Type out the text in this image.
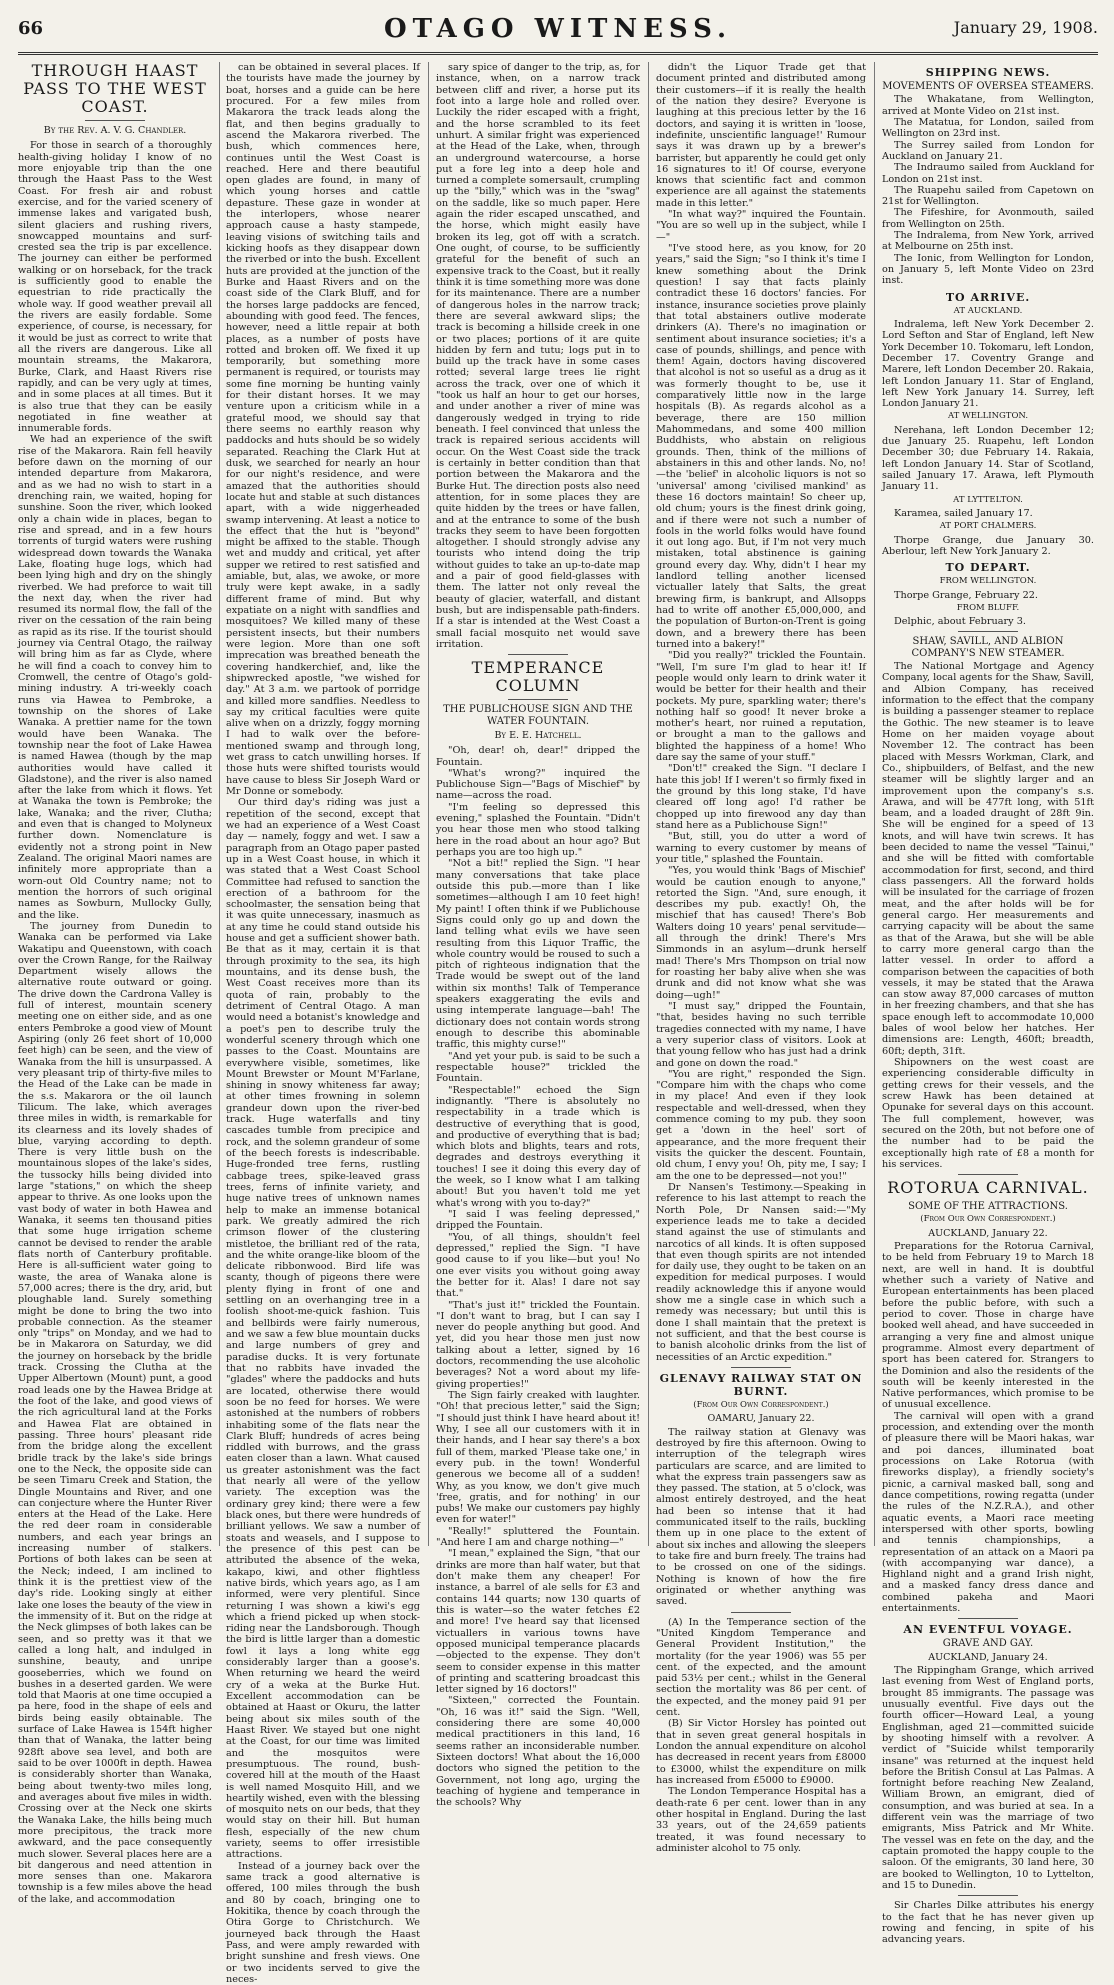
66	OTAGO WITNESS.	January 29, 1908.
THROUGH HAAST PASS TO THE WEST COAST.
By the Rev. A. V. G. Chandler.

For those in search of a thoroughly health-giving holiday I know of no more enjoyable trip than the one through the Haast Pass to the West Coast. For fresh air and robust exercise, and for the varied scenery of immense lakes and varigated bush, silent glaciers and rushing rivers, snowcapped mountains and surf-crested sea the trip is par excellence. The journey can either be performed walking or on horseback, for the track is sufficiently good to enable the equestrian to ride practically the whole way. If good weather prevail all the rivers are easily fordable. Some experience, of course, is necessary, for it would be just as correct to write that all the rivers are dangerous. Like all mountain streams, the Makarora, Burke, Clark, and Haast Rivers rise rapidly, and can be very ugly at times, and in some places at all times. But it is also true that they can be easily negotiated in fine weather at innumerable fords.

We had an experience of the swift rise of the Makarora. Rain fell heavily before dawn on the morning of our intended departure from Makarora, and as we had no wish to start in a drenching rain, we waited, hoping for sunshine. Soon the river, which looked only a chain wide in places, began to rise and spread, and in a few hours torrents of turgid waters were rushing widespread down towards the Wanaka Lake, floating huge logs, which had been lying high and dry on the shingly riverbed. We had preforce to wait till the next day, when the river had resumed its normal flow, the fall of the river on the cessation of the rain being as rapid as its rise. If the tourist should journey via Central Otago, the railway will bring him as far as Clyde, where he will find a coach to convey him to Cromwell, the centre of Otago's gold-mining industry. A tri-weekly coach runs via Hawea to Pembroke, a township on the shores of Lake Wanaka. A prettier name for the town would have been Wanaka. The township near the foot of Lake Hawea is named Hawea (though by the map authorities would have called it Gladstone), and the river is also named after the lake from which it flows. Yet at Wanaka the town is Pembroke; the lake, Wanaka; and the river, Clutha; and even that is changed to Molyneux further down. Nomenclature is evidently not a strong point in New Zealand. The original Maori names are infinitely more appropriate than a worn-out Old Country name; not to mention the horrors of such original names as Sowburn, Mullocky Gully, and the like.

The journey from Dunedin to Wanaka can be performed via Lake Wakatipu and Queenstown, with coach over the Crown Range, for the Railway Department wisely allows the alternative route outward or going. The drive down the Cardrona Valley is full of interest, mountain scenery meeting one on either side, and as one enters Pembroke a good view of Mount Aspiring (only 26 feet short of 10,000 feet high) can be seen, and the view of Wanaka from the hill is unsurpassed. A very pleasant trip of thirty-five miles to the Head of the Lake can be made in the s.s. Makarora or the oil launch Tilicum. The lake, which averages three miles in width, is remarkable for its clearness and its lovely shades of blue, varying according to depth. There is very little bush on the mountainous slopes of the lake's sides, the tussocky hills being divided into large "stations," on which the sheep appear to thrive. As one looks upon the vast body of water in both Hawea and Wanaka, it seems ten thousand pities that some huge irrigation scheme cannot be devised to render the arable flats north of Canterbury profitable. Here is all-sufficient water going to waste, the area of Wanaka alone is 57,000 acres; there is the dry, arid, but ploughable land. Surely something might be done to bring the two into probable connection. As the steamer only "trips" on Monday, and we had to be in Makarora on Saturday, we did the journey on horseback by the bridle track. Crossing the Clutha at the Upper Albertown (Mount) punt, a good road leads one by the Hawea Bridge at the foot of the lake, and good views of the rich agricultural land at the Forks and Hawea Flat are obtained in passing. Three hours' pleasant ride from the bridge along the excellent bridle track by the lake's side brings one to the Neck, the opposite side can be seen Timaru Creek and Station, the Dingle Mountains and River, and one can conjecture where the Hunter River enters at the Head of the Lake. Here the red deer roam in considerable numbers, and each year brings an increasing number of stalkers. Portions of both lakes can be seen at the Neck; indeed, I am inclined to think it is the prettiest view of the day's ride. Looking singly at either lake one loses the beauty of the view in the immensity of it. But on the ridge at the Neck glimpses of both lakes can be seen, and so pretty was it that we called a long halt, and indulged in sunshine, beauty, and unripe gooseberries, which we found on bushes in a deserted garden. We were told that Maoris at one time occupied a pa here, food in the shape of eels and birds being easily obtainable. The surface of Lake Hawea is 154ft higher than that of Wanaka, the latter being 928ft above sea level, and both are said to be over 1000ft in depth. Hawea is considerably shorter than Wanaka, being about twenty-two miles long, and averages about five miles in width. Crossing over at the Neck one skirts the Wanaka Lake, the hills being much more precipitous, the track more awkward, and the pace consequently much slower. Several places here are a bit dangerous and need attention in more senses than one. Makarora township is a few miles above the head of the lake, and accommodation

can be obtained in several places. If the tourists have made the journey by boat, horses and a guide can be here procured. For a few miles from Makarora the track leads along the flat, and then begins gradually to ascend the Makarora riverbed. The bush, which commences here, continues until the West Coast is reached. Here and there beautiful open glades are found, in many of which young horses and cattle depasture. These gaze in wonder at the interlopers, whose nearer approach cause a hasty stampede, leaving visions of switching tails and kicking hoofs as they disappear down the riverbed or into the bush. Excellent huts are provided at the junction of the Burke and Haast Rivers and on the coast side of the Clark Bluff, and for the horses large paddocks are fenced, abounding with good feed. The fences, however, need a little repair at both places, as a number of posts have rotted and broken off. We fixed it up temporarily, but something more permanent is required, or tourists may some fine morning be hunting vainly for their distant horses. It we may venture upon a criticism while in a grateful mood, we should say that there seems no earthly reason why paddocks and huts should be so widely separated. Reaching the Clark Hut at dusk, we searched for nearly an hour for our night's residence, and were amazed that the authorities should locate hut and stable at such distances apart, with a wide niggerheaded swamp intervening. At least a notice to the effect that the hut is "beyond" might be affixed to the stable. Though wet and muddy and critical, yet after supper we retired to rest satisfied and amiable, but, alas, we awoke, or more truly were kept awake, in a sadly different frame of mind. But why expatiate on a night with sandflies and mosquitoes? We killed many of these persistent insects, but their numbers were legion. More than one soft imprecation was breathed beneath the covering handkerchief, and, like the shipwrecked apostle, "we wished for day." At 3 a.m. we partook of porridge and killed more sandflies. Needless to say my critical faculties were quite alive when on a drizzly, foggy morning I had to walk over the before-mentioned swamp and through long, wet grass to catch unwilling horses. If those huts were shifted tourists would have cause to bless Sir Joseph Ward or Mr Donne or somebody.

Our third day's riding was just a repetition of the second, except that we had an experience of a West Coast day — namely, foggy and wet. I saw a paragraph from an Otago paper pasted up in a West Coast house, in which it was stated that a West Coast School Committee had refused to sanction the erection of a bathroom for the schoolmaster, the sensation being that it was quite unnecessary, inasmuch as at any time he could stand outside his house and get a sufficient shower bath. Be that as it may, certain it is that through proximity to the sea, its high mountains, and its dense bush, the West Coast receives more than its quota of rain, probably to the detriment of Central Otago. A man would need a botanist's knowledge and a poet's pen to describe truly the wonderful scenery through which one passes to the Coast. Mountains are everywhere visible, sometimes, like Mount Brewster or Mount M'Farlane, shining in snowy whiteness far away; at other times frowning in solemn grandeur down upon the river-bed track. Huge waterfalls and tiny cascades tumble from precipice and rock, and the solemn grandeur of some of the beech forests is indescribable. Huge-fronded tree ferns, rustling cabbage trees, spike-leaved grass trees, ferns of infinite variety, and huge native trees of unknown names help to make an immense botanical park. We greatly admired the rich crimson flower of the clustering mistletoe, the brilliant red of the rata, and the white orange-like bloom of the delicate ribbonwood. Bird life was scanty, though of pigeons there were plenty flying in front of one and settling on an overhanging tree in a foolish shoot-me-quick fashion. Tuis and bellbirds were fairly numerous, and we saw a few blue mountain ducks and large numbers of grey and paradise ducks. It is very fortunate that no rabbits have invaded the "glades" where the paddocks and huts are located, otherwise there would soon be no feed for horses. We were astonished at the numbers of robbers inhabiting some of the flats near the Clark Bluff; hundreds of acres being riddled with burrows, and the grass eaten closer than a lawn. What caused us greater astonishment was the fact that nearly all were of the yellow variety. The exception was the ordinary grey kind; there were a few black ones, but there were hundreds of brilliant yellows. We saw a number of stoats and weasels, and I suppose to the presence of this pest can be attributed the absence of the weka, kakapo, kiwi, and other flightless native birds, which years ago, as I am informed, were very plentiful. Since returning I was shown a kiwi's egg which a friend picked up when stock-riding near the Landsborough. Though the bird is little larger than a domestic fowl it lays a long white egg considerably larger than a goose's. When returning we heard the weird cry of a weka at the Burke Hut. Excellent accommodation can be obtained at Haast or Okuru, the latter being about six miles south of the Haast River. We stayed but one night at the Coast, for our time was limited and the mosquitos were presumptuous. The round, bush-covered hill at the mouth of the Haast is well named Mosquito Hill, and we heartily wished, even with the blessing of mosquito nets on our beds, that they would stay on their hill. But human flesh, especially of the new chum variety, seems to offer irresistible attractions.

Instead of a journey back over the same track a good alternative is offered, 100 miles through the bush and 80 by coach, bringing one to Hokitika, thence by coach through the Otira Gorge to Christchurch. We journeyed back through the Haast Pass, and were amply rewarded with bright sunshine and fresh views. One or two incidents served to give the neces-

sary spice of danger to the trip, as, for instance, when, on a narrow track between cliff and river, a horse put its foot into a large hole and rolled over. Luckily the rider escaped with a fright, and the horse scrambled to its feet unhurt. A similar fright was experienced at the Head of the Lake, when, through an underground watercourse, a horse put a fore leg into a deep hole and turned a complete somersault, crumpling up the "billy," which was in the "swag" on the saddle, like so much paper. Here again the rider escaped unscathed, and the horse, which might easily have broken its leg, got off with a scratch. One ought, of course, to be sufficiently grateful for the benefit of such an expensive track to the Coast, but it really think it is time something more was done for its maintenance. There are a number of dangerous holes in the narrow track; there are several awkward slips; the track is becoming a hillside creek in one or two places; portions of it are quite hidden by fern and tutu; logs put in to build up the track have in some cases rotted; several large trees lie right across the track, over one of which it "took us half an hour to get our horses, and under another a river of mine was dangerously wedged in trying to ride beneath. I feel convinced that unless the track is repaired serious accidents will occur. On the West Coast side the track is certainly in better condition than that portion between the Makarora and the Burke Hut. The direction posts also need attention, for in some places they are quite hidden by the trees or have fallen, and at the entrance to some of the bush tracks they seem to have been forgotten altogether. I should strongly advise any tourists who intend doing the trip without guides to take an up-to-date map and a pair of good field-glasses with them. The latter not only reveal the beauty of glacier, waterfall, and distant bush, but are indispensable path-finders. If a star is intended at the West Coast a small facial mosquito net would save irritation.

TEMPERANCE COLUMN
THE PUBLICHOUSE SIGN AND THE WATER FOUNTAIN.
By E. E. Hatchell.

"Oh, dear! oh, dear!" dripped the Fountain.

"What's wrong?" inquired the Publichouse Sign—"Bags of Mischief" by name—across the road.

"I'm feeling so depressed this evening," splashed the Fountain. "Didn't you hear those men who stood talking here in the road about an hour ago? But perhaps you are too high up."

"Not a bit!" replied the Sign. "I hear many conversations that take place outside this pub.—more than I like sometimes—although I am 10 feet high! My paint! I often think if we Publichouse Signs could only go up and down the land telling what evils we have seen resulting from this Liquor Traffic, the whole country would be roused to such a pitch of righteous indignation that the Trade would be swept out of the land within six months! Talk of Temperance speakers exaggerating the evils and using intemperate language—bah! The dictionary does not contain words strong enough to describe this abominable traffic, this mighty curse!"

"And yet your pub. is said to be such a respectable house?" trickled the Fountain.

"Respectable!" echoed the Sign indignantly. "There is absolutely no respectability in a trade which is destructive of everything that is good, and productive of everything that is bad; which blots and blights, tears and rots, degrades and destroys everything it touches! I see it doing this every day of the week, so I know what I am talking about! But you haven't told me yet what's wrong with you to-day?"

"I said I was feeling depressed," dripped the Fountain.

"You, of all things, shouldn't feel depressed," replied the Sign. "I have good cause to if you like—but you! No one ever visits you without going away the better for it. Alas! I dare not say that."

"That's just it!" trickled the Fountain. "I don't want to brag, but I can say I never do people anything but good. And yet, did you hear those men just now talking about a letter, signed by 16 doctors, recommending the use alcoholic beverages? Not a word about my life-giving properties!"

The Sign fairly creaked with laughter. "Oh! that precious letter," said the Sign; "I should just think I have heard about it! Why, I see all our customers with it in their hands, and I hear say there's a box full of them, marked 'Please take one,' in every pub. in the town! Wonderful generous we become all of a sudden! Why, as you know, we don't give much 'free, gratis, and for nothing' in our pubs! We make our customers pay highly even for water!"

"Really!" spluttered the Fountain. "And here I am and charge nothing—"

"I mean," explained the Sign, "that our drinks are more than half water, but that don't make them any cheaper! For instance, a barrel of ale sells for £3 and contains 144 quarts; now 130 quarts of this is water—so the water fetches £2 and more! I've heard say that licensed victuallers in various towns have opposed municipal temperance placards—objected to the expense. They don't seem to consider expense in this matter of printing and scattering broadcast this letter signed by 16 doctors!"

"Sixteen," corrected the Fountain. "Oh, 16 was it!" said the Sign. "Well, considering there are some 40,000 medical practitioners in this land, 16 seems rather an inconsiderable number. Sixteen doctors! What about the 16,000 doctors who signed the petition to the Government, not long ago, urging the teaching of hygiene and temperance in the schools? Why

didn't the Liquor Trade get that document printed and distributed among their customers—if it is really the health of the nation they desire? Everyone is laughing at this precious letter by the 16 doctors, and saying it is written in 'loose, indefinite, unscientific language!' Rumour says it was drawn up by a brewer's barrister, but apparently he could get only 16 signatures to it! Of course, everyone knows that scientific fact and common experience are all against the statements made in this letter."

"In what way?" inquired the Fountain. "You are so well up in the subject, while I—"

"I've stood here, as you know, for 20 years," said the Sign; "so I think it's time I knew something about the Drink question! I say that facts plainly contradict these 16 doctors' fancies. For instance, insurance societies prove plainly that total abstainers outlive moderate drinkers (A). There's no imagination or sentiment about insurance societies; it's a case of pounds, shillings, and pence with them! Again, doctors having discovered that alcohol is not so useful as a drug as it was formerly thought to be, use it comparatively little now in the large hospitals (B). As regards alcohol as a beverage, there are 150 million Mahommedans, and some 400 million Buddhists, who abstain on religious grounds. Then, think of the millions of abstainers in this and other lands. No, no!—the 'belief' in alcoholic liquors is not so 'universal' among 'civilised mankind' as these 16 doctors maintain! So cheer up, old chum; yours is the finest drink going, and if there were not such a number of fools in the world folks would have found it out long ago. But, if I'm not very much mistaken, total abstinence is gaining ground every day. Why, didn't I hear my landlord telling another licensed victualler lately that Salts, the great brewing firm, is bankrupt, and Allsopps had to write off another £5,000,000, and the population of Burton-on-Trent is going down, and a brewery there has been turned into a bakery!"

"Did you really?" trickled the Fountain. "Well, I'm sure I'm glad to hear it! If people would only learn to drink water it would be better for their health and their pockets. My pure, sparkling water; there's nothing half so good! It never broke a mother's heart, nor ruined a reputation, or brought a man to the gallows and blighted the happiness of a home! Who dare say the same of your stuff."

"Don't!" creaked the Sign. "I declare I hate this job! If I weren't so firmly fixed in the ground by this long stake, I'd have cleared off long ago! I'd rather be chopped up into firewood any day than stand here as a Publichouse Sign!"

"But, still, you do utter a word of warning to every customer by means of your title," splashed the Fountain.

"Yes, you would think 'Bags of Mischief' would be caution enough to anyone," retorted the Sign. "And, sure enough, it describes my pub. exactly! Oh, the mischief that has caused! There's Bob Walters doing 10 years' penal servitude—all through the drink! There's Mrs Simmonds in an asylum—drunk herself mad! There's Mrs Thompson on trial now for roasting her baby alive when she was drunk and did not know what she was doing—ugh!"

"I must say," dripped the Fountain, "that, besides having no such terrible tragedies connected with my name, I have a very superior class of visitors. Look at that young fellow who has just had a drink and gone on down the road."

"You are right," responded the Sign. "Compare him with the chaps who come in my place! And even if they look respectable and well-dressed, when they commence coming to my pub. they soon get a 'down in the heel' sort of appearance, and the more frequent their visits the quicker the descent. Fountain, old chum, I envy you! Oh, pity me, I say; I am the one to be depressed—not you!"

Dr Nansen's Testimony.—Speaking in reference to his last attempt to reach the North Pole, Dr Nansen said:—"My experience leads me to take a decided stand against the use of stimulants and narcotics of all kinds. It is often supposed that even though spirits are not intended for daily use, they ought to be taken on an expedition for medical purposes. I would readily acknowledge this if anyone would show me a single case in which such a remedy was necessary; but until this is done I shall maintain that the pretext is not sufficient, and that the best course is to banish alcoholic drinks from the list of necessities of an Arctic expedition."

GLENAVY RAILWAY STAT ON BURNT.
(From Our Own Correspondent.)
OAMARU, January 22.

The railway station at Glenavy was destroyed by fire this afternoon. Owing to interruption of the telegraph wires particulars are scarce, and are limited to what the express train passengers saw as they passed. The station, at 5 o'clock, was almost entirely destroyed, and the heat had been so intense that it had communicated itself to the rails, buckling them up in one place to the extent of about six inches and allowing the sleepers to take fire and burn freely. The trains had to be crossed on one of the sidings. Nothing is known of how the fire originated or whether anything was saved.

(A) In the Temperance section of the "United Kingdom Temperance and General Provident Institution," the mortality (for the year 1906) was 55 per cent. of the expected, and the amount paid 53½ per cent.; whilst in the General section the mortality was 86 per cent. of the expected, and the money paid 91 per cent.

(B) Sir Victor Horsley has pointed out that in seven great general hospitals in London the annual expenditure on alcohol has decreased in recent years from £8000 to £3000, whilst the expenditure on milk has increased from £5000 to £9000.

The London Temperance Hospital has a death-rate 6 per cent. lower than in any other hospital in England. During the last 33 years, out of the 24,659 patients treated, it was found necessary to administer alcohol to 75 only.

SHIPPING NEWS.
MOVEMENTS OF OVERSEA STEAMERS.

The Whakatane, from Wellington, arrived at Monte Video on 21st inst.

The Matatua, for London, sailed from Wellington on 23rd inst.

The Surrey sailed from London for Auckland on January 21.

The Indraumo sailed from Auckland for London on 21st inst.

The Ruapehu sailed from Capetown on 21st for Wellington.

The Fifeshire, for Avonmouth, sailed from Wellington on 25th.

The Indralema, from New York, arrived at Melbourne on 25th inst.

The Ionic, from Wellington for London, on January 5, left Monte Video on 23rd inst.

TO ARRIVE.
AT AUCKLAND.

Indralema, left New York December 2. Lord Sefton and Star of England, left New York December 10. Tokomaru, left London, December 17. Coventry Grange and Marere, left London December 20. Rakaia, left London January 11. Star of England, left New York January 14. Surrey, left London January 21.

AT WELLINGTON.

Nerehana, left London December 12; due January 25. Ruapehu, left London December 30; due February 14. Rakaia, left London January 14. Star of Scotland, sailed January 17. Arawa, left Plymouth January 11.

AT LYTTELTON.

Karamea, sailed January 17.

AT PORT CHALMERS.

Thorpe Grange, due January 30. Aberlour, left New York January 2.

TO DEPART.
FROM WELLINGTON.

Thorpe Grange, February 22.

FROM BLUFF.

Delphic, about February 3.

SHAW, SAVILL, AND ALBION COMPANY'S NEW STEAMER.

The National Mortgage and Agency Company, local agents for the Shaw, Savill, and Albion Company, has received information to the effect that the company is building a passenger steamer to replace the Gothic. The new steamer is to leave Home on her maiden voyage about November 12. The contract has been placed with Messrs Workman, Clark, and Co., shipbuilders, of Belfast, and the new steamer will be slightly larger and an improvement upon the company's s.s. Arawa, and will be 477ft long, with 51ft beam, and a loaded draught of 28ft 9in. She will be engined for a speed of 13 knots, and will have twin screws. It has been decided to name the vessel "Tainui," and she will be fitted with comfortable accommodation for first, second, and third class passengers. All the forward holds will be insulated for the carriage of frozen meat, and the after holds will be for general cargo. Her measurements and carrying capacity will be about the same as that of the Arawa, but she will be able to carry more general cargo than the latter vessel. In order to afford a comparison between the capacities of both vessels, it may be stated that the Arawa can stow away 87,000 carcases of mutton in her freezing chambers, and that she has space enough left to accommodate 10,000 bales of wool below her hatches. Her dimensions are: Length, 460ft; breadth, 60ft; depth, 31ft.

Shipowners on the west coast are experiencing considerable difficulty in getting crews for their vessels, and the screw Hawk has been detained at Opunake for several days on this account. The full complement, however, was secured on the 20th, but not before one of the number had to be paid the exceptionally high rate of £8 a month for his services.

ROTORUA CARNIVAL.
SOME OF THE ATTRACTIONS.
(From Our Own Correspondent.)
AUCKLAND, January 22.

Preparations for the Rotorua Carnival, to be held from February 19 to March 18 next, are well in hand. It is doubtful whether such a variety of Native and European entertainments has been placed before the public before, with such a period to cover. Those in charge have booked well ahead, and have succeeded in arranging a very fine and almost unique programme. Almost every department of sport has been catered for. Strangers to the Dominion and also the residents of the south will be keenly interested in the Native performances, which promise to be of unusual excellence.

The carnival will open with a grand procession, and extending over the month of pleasure there will be Maori hakas, war and poi dances, illuminated boat processions on Lake Rotorua (with fireworks display), a friendly society's picnic, a carnival masked ball, song and dance competitions, rowing regatta (under the rules of the N.Z.R.A.), and other aquatic events, a Maori race meeting interspersed with other sports, bowling and tennis championships, a representation of an attack on a Maori pa (with accompanying war dance), a Highland night and a grand Irish night, and a masked fancy dress dance and combined pakeha and Maori entertainments.

AN EVENTFUL VOYAGE.
GRAVE AND GAY.
AUCKLAND, January 24.

The Rippingham Grange, which arrived last evening from West of England ports, brought 85 immigrants. The passage was unusually eventful. Five days out the fourth officer—Howard Leal, a young Englishman, aged 21—committed suicide by shooting himself with a revolver. A verdict of "Suicide whilst temporarily insane" was returned at the inquest held before the British Consul at Las Palmas. A fortnight before reaching New Zealand, William Brown, an emigrant, died of consumption, and was buried at sea. In a different vein was the marriage of two emigrants, Miss Patrick and Mr White. The vessel was en fete on the day, and the captain promoted the happy couple to the saloon. Of the emigrants, 30 land here, 30 are booked to Wellington, 10 to Lyttelton, and 15 to Dunedin.

Sir Charles Dilke attributes his energy to the fact that he has never given up rowing and fencing, in spite of his advancing years.
